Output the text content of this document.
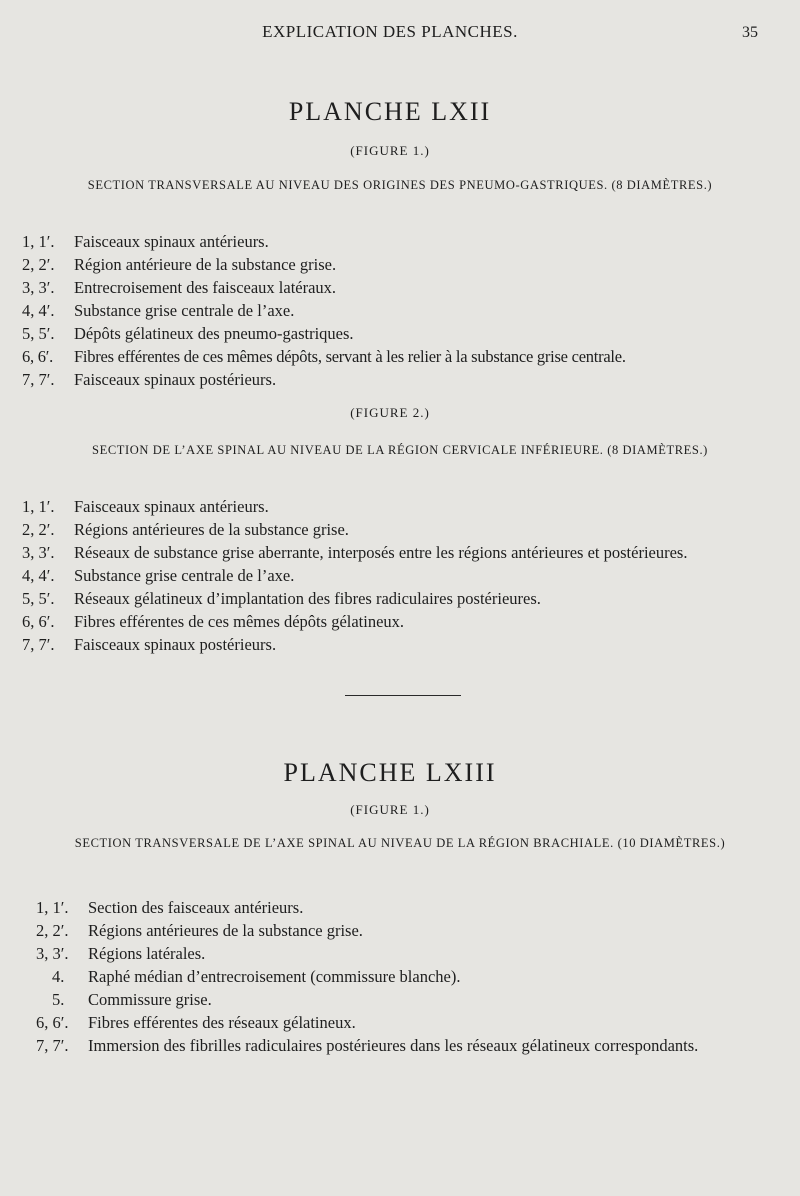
EXPLICATION DES PLANCHES.	35
PLANCHE LXII
(FIGURE 1.)
SECTION TRANSVERSALE AU NIVEAU DES ORIGINES DES PNEUMO-GASTRIQUES. (8 DIAMÈTRES.)
1, 1′. Faisceaux spinaux antérieurs.
2, 2′. Région antérieure de la substance grise.
3, 3′. Entrecroisement des faisceaux latéraux.
4, 4′. Substance grise centrale de l’axe.
5, 5′. Dépôts gélatineux des pneumo-gastriques.
6, 6′. Fibres efférentes de ces mêmes dépôts, servant à les relier à la substance grise centrale.
7, 7′. Faisceaux spinaux postérieurs.
(FIGURE 2.)
SECTION DE L’AXE SPINAL AU NIVEAU DE LA RÉGION CERVICALE INFÉRIEURE. (8 DIAMÈTRES.)
1, 1′. Faisceaux spinaux antérieurs.
2, 2′. Régions antérieures de la substance grise.
3, 3′. Réseaux de substance grise aberrante, interposés entre les régions antérieures et postérieures.
4, 4′. Substance grise centrale de l’axe.
5, 5′. Réseaux gélatineux d’implantation des fibres radiculaires postérieures.
6, 6′. Fibres efférentes de ces mêmes dépôts gélatineux.
7, 7′. Faisceaux spinaux postérieurs.
PLANCHE LXIII
(FIGURE 1.)
SECTION TRANSVERSALE DE L’AXE SPINAL AU NIVEAU DE LA RÉGION BRACHIALE. (10 DIAMÈTRES.)
1, 1′. Section des faisceaux antérieurs.
2, 2′. Régions antérieures de la substance grise.
3, 3′. Régions latérales.
4. Raphé médian d’entrecroisement (commissure blanche).
5. Commissure grise.
6, 6′. Fibres efférentes des réseaux gélatineux.
7, 7′. Immersion des fibrilles radiculaires postérieures dans les réseaux gélatineux correspondants.
